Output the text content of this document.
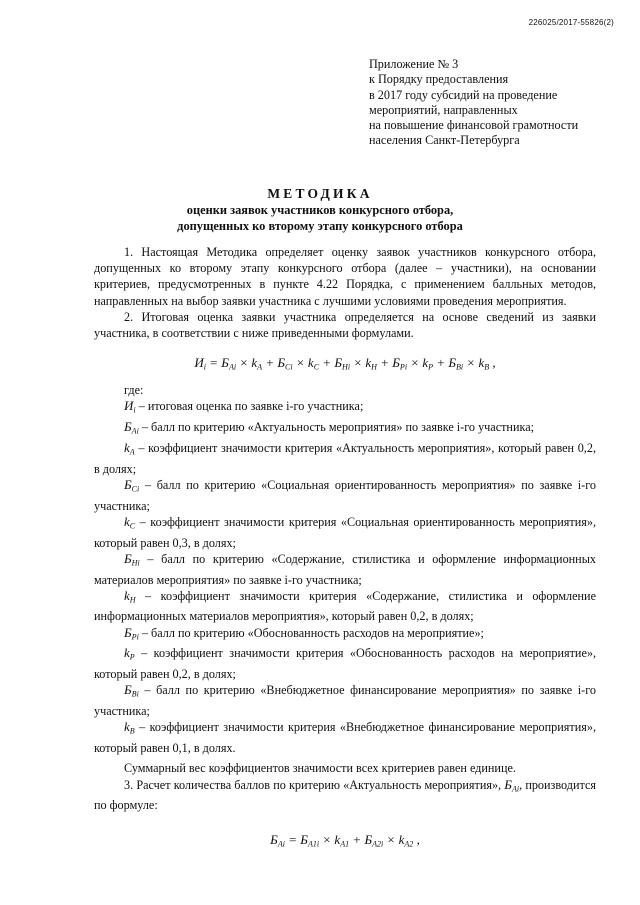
226025/2017-55826(2)
Приложение № 3
к Порядку предоставления
в 2017 году субсидий на проведение
мероприятий, направленных
на повышение финансовой грамотности
населения Санкт-Петербурга
МЕТОДИКА
оценки заявок участников конкурсного отбора,
допущенных ко второму этапу конкурсного отбора
1. Настоящая Методика определяет оценку заявок участников конкурсного отбора, допущенных ко второму этапу конкурсного отбора (далее – участники), на основании критериев, предусмотренных в пункте 4.22 Порядка, с применением балльных методов, направленных на выбор заявки участника с лучшими условиями проведения мероприятия.
2. Итоговая оценка заявки участника определяется на основе сведений из заявки участника, в соответствии с ниже приведенными формулами.
$И_i = Б_{Ai} \times k_A + Б_{Ci} \times k_C + Б_{Hi} \times k_H + Б_{Pi} \times k_P + Б_{Bi} \times k_B$ ,
где:
$И_i$ – итоговая оценка по заявке i-го участника;
$Б_{Ai}$ – балл по критерию «Актуальность мероприятия» по заявке i-го участника;
$k_A$ – коэффициент значимости критерия «Актуальность мероприятия», который равен 0,2, в долях;
$Б_{Ci}$ – балл по критерию «Социальная ориентированность мероприятия» по заявке i-го участника;
$k_C$ – коэффициент значимости критерия «Социальная ориентированность мероприятия», который равен 0,3, в долях;
$Б_{Hi}$ – балл по критерию «Содержание, стилистика и оформление информационных материалов мероприятия» по заявке i-го участника;
$k_H$ – коэффициент значимости критерия «Содержание, стилистика и оформление информационных материалов мероприятия», который равен 0,2, в долях;
$Б_{Pi}$ – балл по критерию «Обоснованность расходов на мероприятие»;
$k_P$ – коэффициент значимости критерия «Обоснованность расходов на мероприятие», который равен 0,2, в долях;
$Б_{Bi}$ – балл по критерию «Внебюджетное финансирование мероприятия» по заявке i-го участника;
$k_B$ – коэффициент значимости критерия «Внебюджетное финансирование мероприятия», который равен 0,1, в долях.
Суммарный вес коэффициентов значимости всех критериев равен единице.
3. Расчет количества баллов по критерию «Актуальность мероприятия», $Б_{Ai}$, производится по формуле:
$Б_{Ai} = Б_{A1i} \times k_{A1} + Б_{A2i} \times k_{A2}$ ,
